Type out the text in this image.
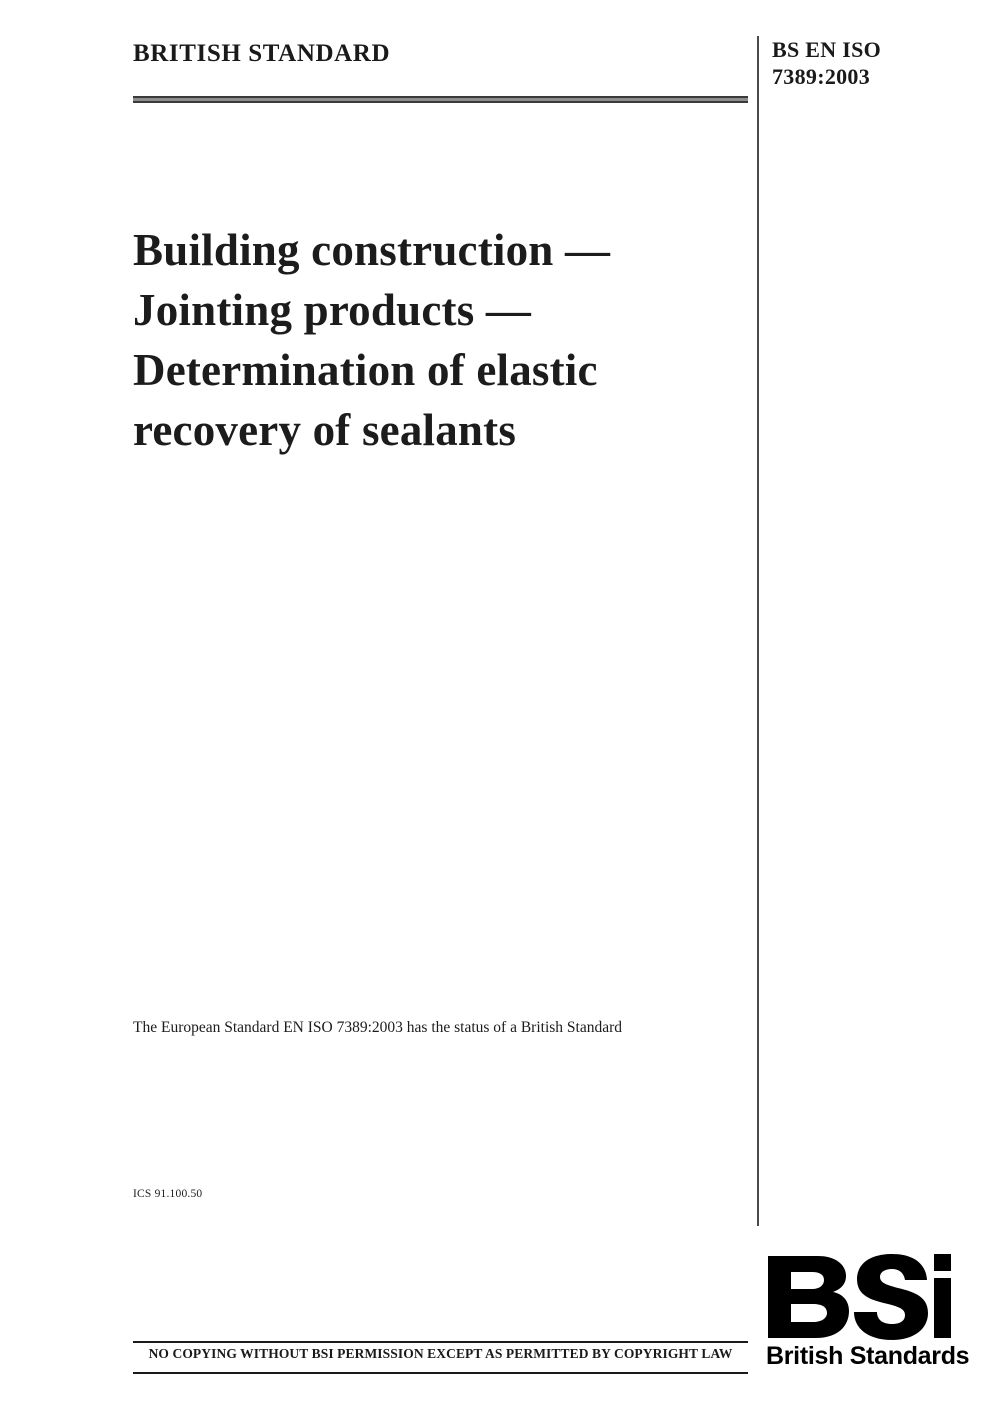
BRITISH STANDARD	BS EN ISO
7389:2003
Building construction — Jointing products — Determination of elastic recovery of sealants
The European Standard EN ISO 7389:2003 has the status of a British Standard
ICS 91.100.50
NO COPYING WITHOUT BSI PERMISSION EXCEPT AS PERMITTED BY COPYRIGHT LAW	British Standards
